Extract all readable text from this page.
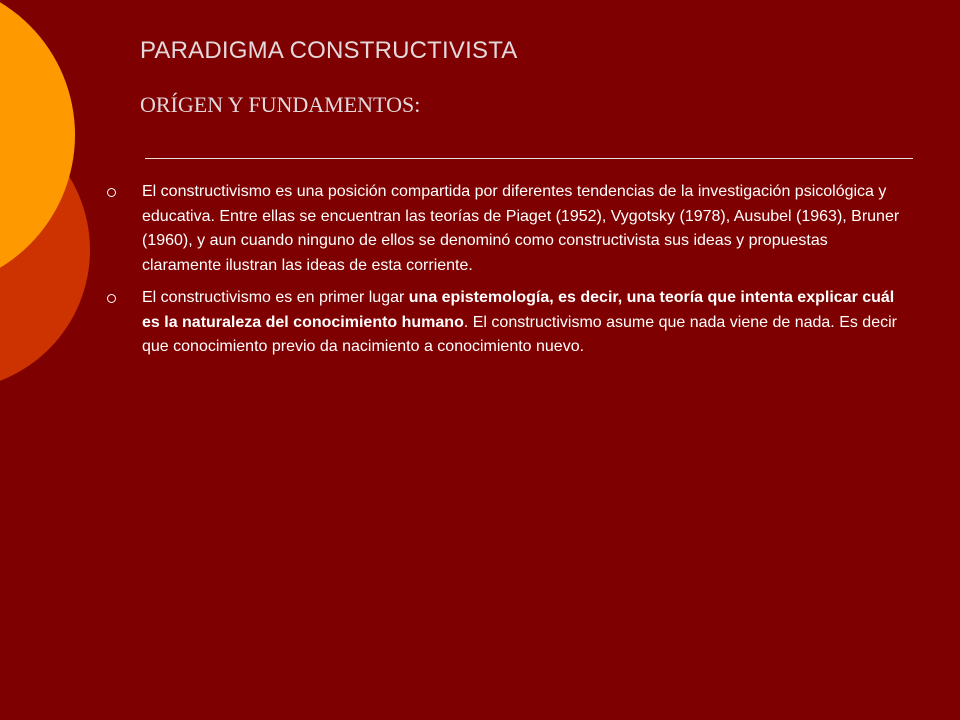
PARADIGMA CONSTRUCTIVISTA
ORÍGEN Y FUNDAMENTOS:
El constructivismo es una posición compartida por diferentes tendencias de la investigación psicológica y educativa. Entre ellas se encuentran las teorías de Piaget (1952), Vygotsky (1978), Ausubel (1963), Bruner (1960), y aun cuando ninguno de ellos se denominó como constructivista sus ideas y propuestas claramente ilustran las ideas de esta corriente.
El constructivismo es en primer lugar una epistemología, es decir, una teoría que intenta explicar cuál es la naturaleza del conocimiento humano. El constructivismo asume que nada viene de nada. Es decir que conocimiento previo da nacimiento a conocimiento nuevo.
